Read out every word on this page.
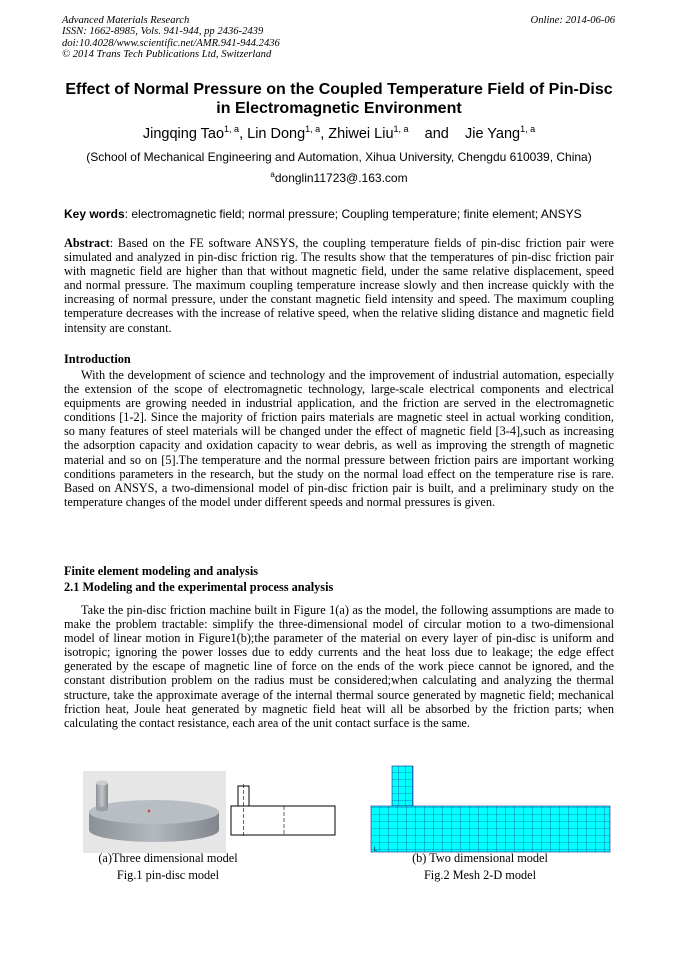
Advanced Materials Research
ISSN: 1662-8985, Vols. 941-944, pp 2436-2439
doi:10.4028/www.scientific.net/AMR.941-944.2436
© 2014 Trans Tech Publications Ltd, Switzerland
Online: 2014-06-06
Effect of Normal Pressure on the Coupled Temperature Field of Pin-Disc
in Electromagnetic Environment
Jingqing Tao$^{1, a}$, Lin Dong$^{1, a}$, Zhiwei Liu$^{1, a}$ and Jie Yang$^{1, a}$
(School of Mechanical Engineering and Automation, Xihua University, Chengdu 610039, China)
$^a$donglin11723@.163.com
Key words: electromagnetic field; normal pressure; Coupling temperature; finite element; ANSYS
Abstract: Based on the FE software ANSYS, the coupling temperature fields of pin-disc friction pair were simulated and analyzed in pin-disc friction rig. The results show that the temperatures of pin-disc friction pair with magnetic field are higher than that without magnetic field, under the same relative displacement, speed and normal pressure. The maximum coupling temperature increase slowly and then increase quickly with the increasing of normal pressure, under the constant magnetic field intensity and speed. The maximum coupling temperature decreases with the increase of relative speed, when the relative sliding distance and magnetic field intensity are constant.
Introduction
With the development of science and technology and the improvement of industrial automation, especially the extension of the scope of electromagnetic technology, large-scale electrical components and electrical equipments are growing needed in industrial application, and the friction are served in the electromagnetic conditions [1-2]. Since the majority of friction pairs materials are magnetic steel in actual working condition, so many features of steel materials will be changed under the effect of magnetic field [3-4],such as increasing the adsorption capacity and oxidation capacity to wear debris, as well as improving the strength of magnetic material and so on [5].The temperature and the normal pressure between friction pairs are important working conditions parameters in the research, but the study on the normal load effect on the temperature rise is rare. Based on ANSYS, a two-dimensional model of pin-disc friction pair is built, and a preliminary study on the temperature changes of the model under different speeds and normal pressures is given.
Finite element modeling and analysis
2.1 Modeling and the experimental process analysis
Take the pin-disc friction machine built in Figure 1(a) as the model, the following assumptions are made to make the problem tractable: simplify the three-dimensional model of circular motion to a two-dimensional model of linear motion in Figure1(b);the parameter of the material on every layer of pin-disc is uniform and isotropic; ignoring the power losses due to eddy currents and the heat loss due to leakage; the edge effect generated by the escape of magnetic line of force on the ends of the work piece cannot be ignored, and the constant distribution problem on the radius must be considered;when calculating and analyzing the thermal structure, take the approximate average of the internal thermal source generated by magnetic field; mechanical friction heat, Joule heat generated by magnetic field heat will all be absorbed by the friction parts; when calculating the contact resistance, each area of the unit contact surface is the same.
L
(a)Three dimensional model
Fig.1 pin-disc model
(b) Two dimensional model
Fig.2 Mesh 2-D model
